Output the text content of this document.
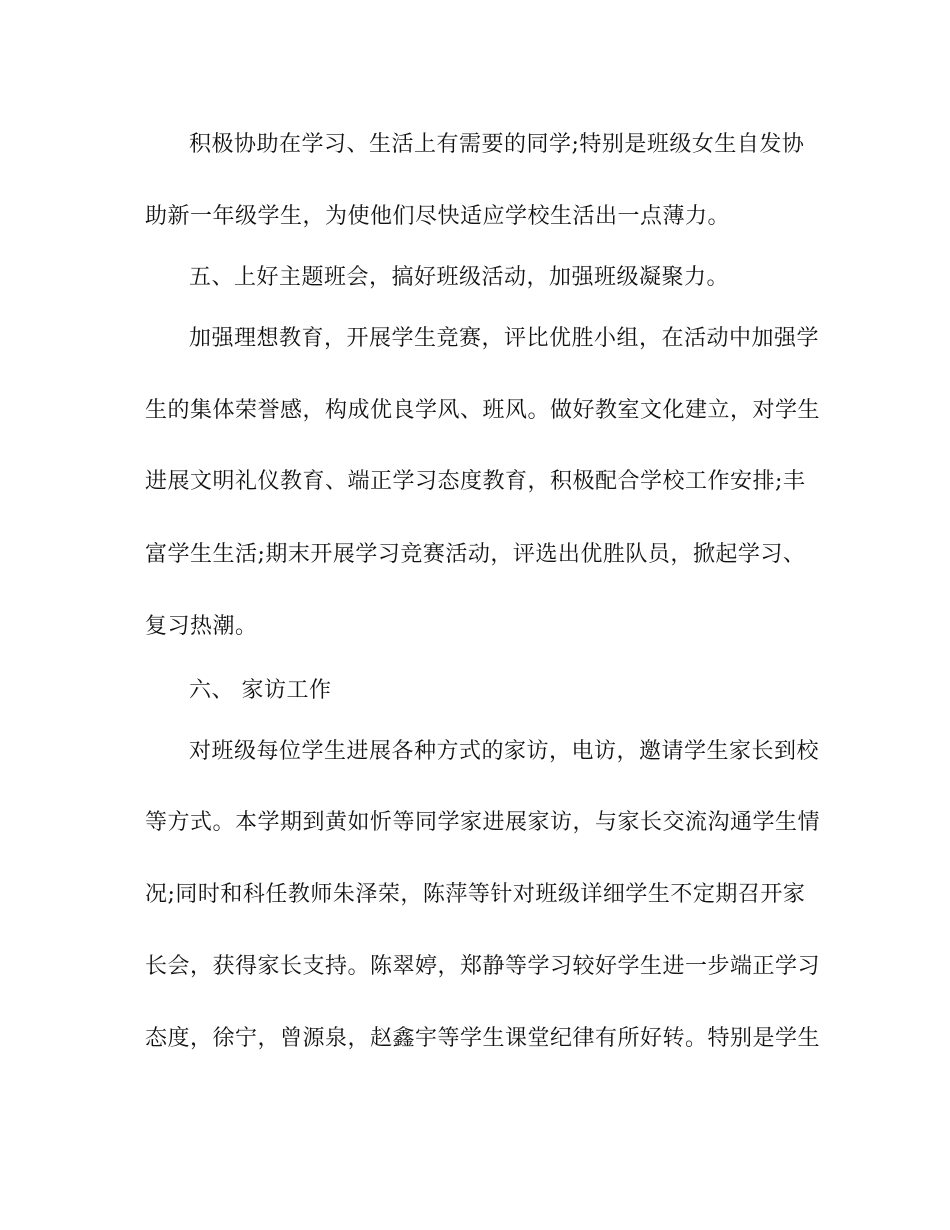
积极协助在学习、生活上有需要的同学;特别是班级女生自发协
助新一年级学生，为使他们尽快适应学校生活出一点薄力。
五、上好主题班会，搞好班级活动，加强班级凝聚力。
加强理想教育，开展学生竞赛，评比优胜小组，在活动中加强学
生的集体荣誉感，构成优良学风、班风。做好教室文化建立，对学生
进展文明礼仪教育、端正学习态度教育，积极配合学校工作安排;丰
富学生生活;期末开展学习竞赛活动，评选出优胜队员，掀起学习、
复习热潮。
六、 家访工作
对班级每位学生进展各种方式的家访，电访，邀请学生家长到校
等方式。本学期到黄如忻等同学家进展家访，与家长交流沟通学生情
况;同时和科任教师朱泽荣，陈萍等针对班级详细学生不定期召开家
长会，获得家长支持。陈翠婷，郑静等学习较好学生进一步端正学习
态度，徐宁，曾源泉，赵鑫宇等学生课堂纪律有所好转。特别是学生
